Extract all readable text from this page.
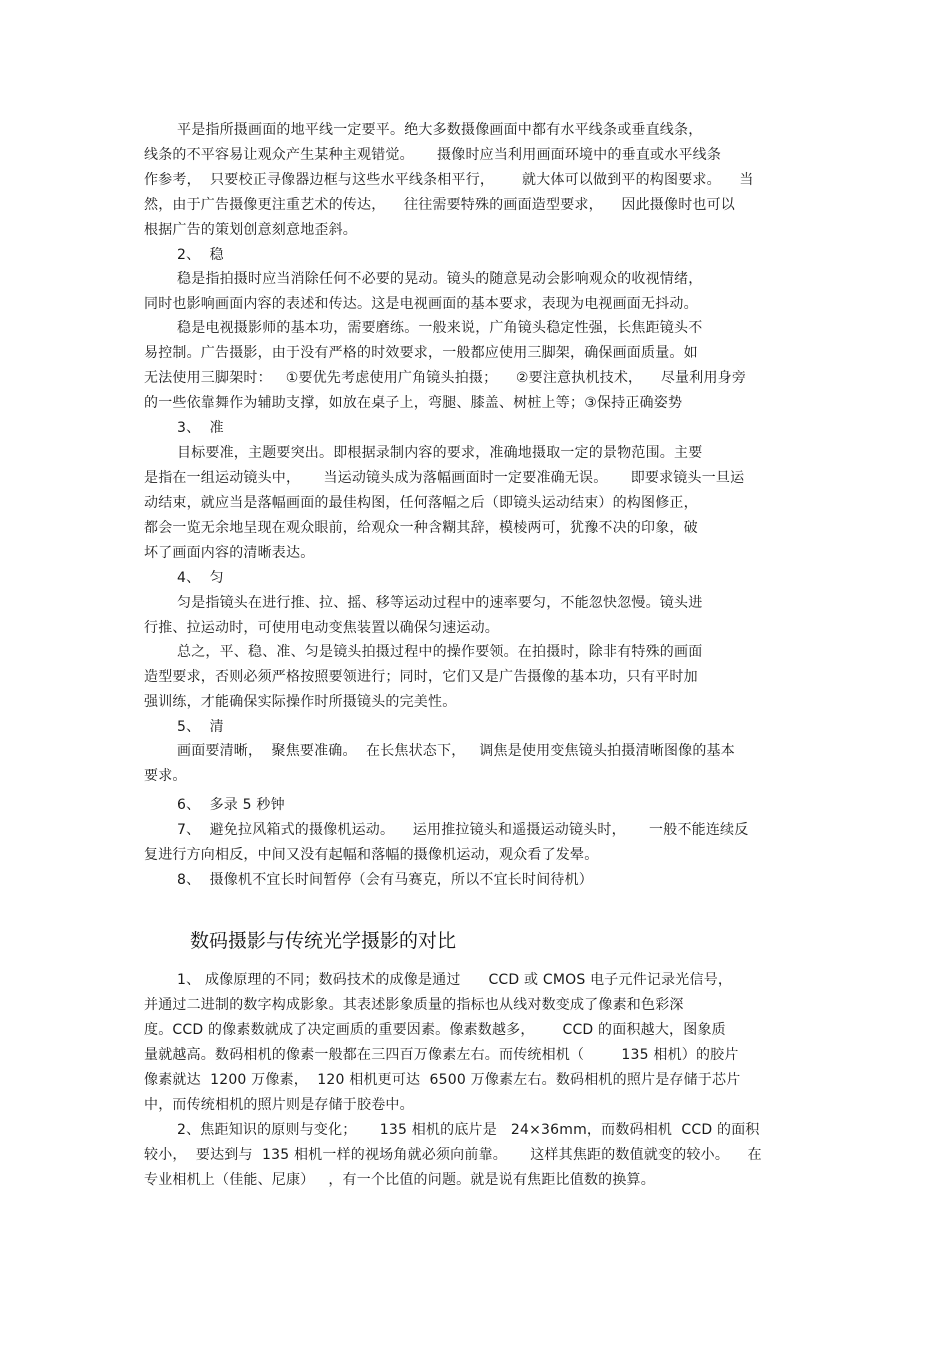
平是指所摄画面的地平线一定要平。绝大多数摄像画面中都有水平线条或垂直线条，
线条的不平容易让观众产生某种主观错觉。     摄像时应当利用画面环境中的垂直或水平线条
作参考，  只要校正寻像器边框与这些水平线条相平行，      就大体可以做到平的构图要求。    当
然，由于广告摄像更注重艺术的传达，    往往需要特殊的画面造型要求，    因此摄像时也可以
根据广告的策划创意刻意地歪斜。
2、  稳
稳是指拍摄时应当消除任何不必要的晃动。镜头的随意晃动会影响观众的收视情绪，
同时也影响画面内容的表述和传达。这是电视画面的基本要求，表现为电视画面无抖动。
稳是电视摄影师的基本功，需要磨练。一般来说，广角镜头稳定性强，长焦距镜头不
易控制。广告摄影，由于没有严格的时效要求，一般都应使用三脚架，确保画面质量。如
无法使用三脚架时：   ①要优先考虑使用广角镜头拍摄；    ②要注意执机技术，    尽量利用身旁
的一些依靠舞作为辅助支撑，如放在桌子上，弯腿、膝盖、树桩上等；③保持正确姿势
3、  准
目标要准，主题要突出。即根据录制内容的要求，准确地摄取一定的景物范围。主要
是指在一组运动镜头中，     当运动镜头成为落幅画面时一定要准确无误。     即要求镜头一旦运
动结束，就应当是落幅画面的最佳构图，任何落幅之后（即镜头运动结束）的构图修正，
都会一览无余地呈现在观众眼前，给观众一种含糊其辞，模棱两可，犹豫不决的印象，破
坏了画面内容的清晰表达。
4、  匀
匀是指镜头在进行推、拉、摇、移等运动过程中的速率要匀，不能忽快忽慢。镜头进
行推、拉运动时，可使用电动变焦装置以确保匀速运动。
总之，平、稳、准、匀是镜头拍摄过程中的操作要领。在拍摄时，除非有特殊的画面
造型要求，否则必须严格按照要领进行；同时，它们又是广告摄像的基本功，只有平时加
强训练，才能确保实际操作时所摄镜头的完美性。
5、  清
画面要清晰，  聚焦要准确。  在长焦状态下，   调焦是使用变焦镜头拍摄清晰图像的基本
要求。
6、  多录 5 秒钟
7、  避免拉风箱式的摄像机运动。    运用推拉镜头和遥摄运动镜头时，     一般不能连续反
复进行方向相反，中间又没有起幅和落幅的摄像机运动，观众看了发晕。
8、  摄像机不宜长时间暂停（会有马赛克，所以不宜长时间待机）
数码摄影与传统光学摄影的对比
1、 成像原理的不同；数码技术的成像是通过      CCD 或 CMOS 电子元件记录光信号，
并通过二进制的数字构成影象。其表述影象质量的指标也从线对数变成了像素和色彩深
度。CCD 的像素数就成了决定画质的重要因素。像素数越多，      CCD 的面积越大，图象质
量就越高。数码相机的像素一般都在三四百万像素左右。而传统相机（        135 相机）的胶片
像素就达  1200 万像素，  120 相机更可达  6500 万像素左右。数码相机的照片是存储于芯片
中，而传统相机的照片则是存储于胶卷中。
2、焦距知识的原则与变化；     135 相机的底片是   24×36mm，而数码相机  CCD 的面积
较小，  要达到与  135 相机一样的视场角就必须向前靠。     这样其焦距的数值就变的较小。    在
专业相机上（佳能、尼康）   ，有一个比值的问题。就是说有焦距比值数的换算。
